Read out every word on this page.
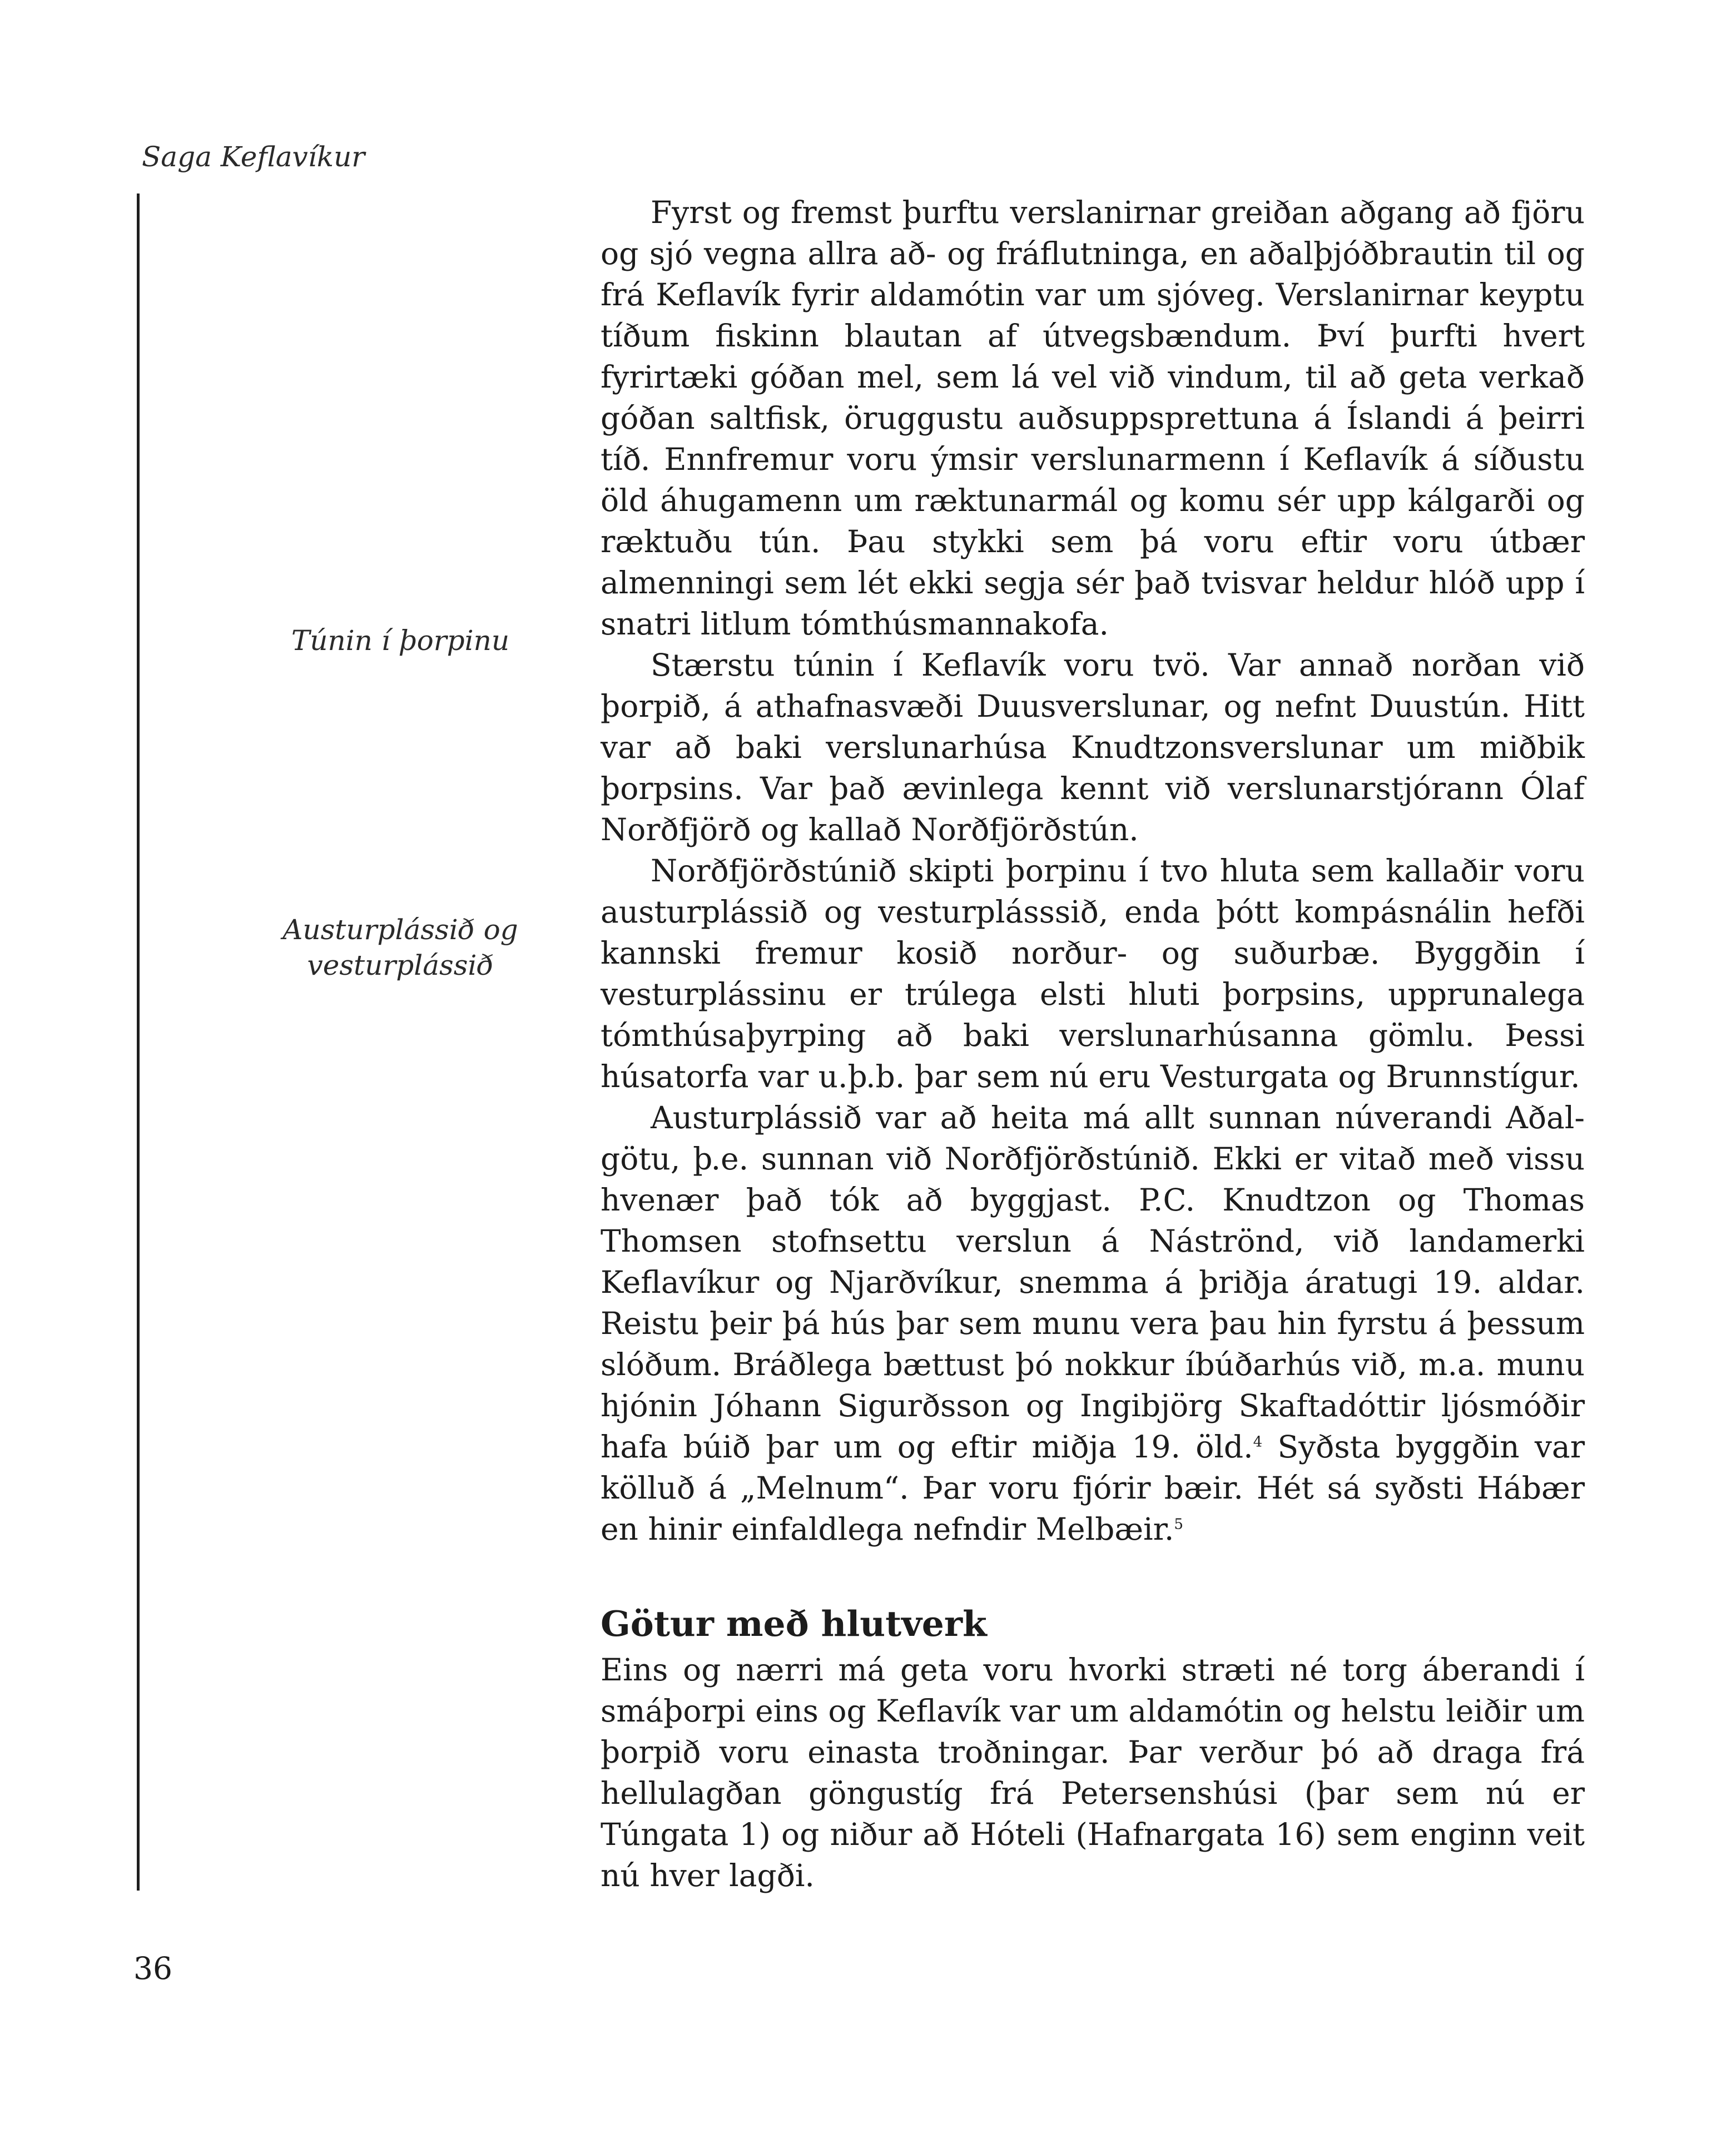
Saga Keflavíkur
Túnin í þorpinu
Austurplássið og vesturplássið

Fyrst og fremst þurftu verslanirnar greiðan aðgang að fjöru og sjó vegna allra að- og fráflutninga, en aðalþjóðbrautin til og frá Keflavík fyrir aldamótin var um sjóveg. Verslanirnar keyptu tíðum fiskinn blautan af útvegsbændum. Því þurfti hvert fyrirtæki góðan mel, sem lá vel við vindum, til að geta verkað góðan saltfisk, öruggustu auðsuppsprettuna á Íslandi á þeirri tíð. Ennfremur voru ýmsir verslunarmenn í Keflavík á síðustu öld áhugamenn um ræktunarmál og komu sér upp kálgarði og ræktuðu tún. Þau stykki sem þá voru eftir voru útbær almenningi sem lét ekki segja sér það tvisvar heldur hlóð upp í snatri litlum tómthúsmannakofa.

Stærstu túnin í Keflavík voru tvö. Var annað norðan við þorpið, á athafnasvæði Duusverslunar, og nefnt Duustún. Hitt var að baki verslunarhúsa Knudtzonsverslunar um miðbik þorpsins. Var það ævinlega kennt við verslunarstjórann Ólaf Norðfjörð og kallað Norðfjörðstún.

Norðfjörðstúnið skipti þorpinu í tvo hluta sem kallaðir voru austurplássið og vesturplásssið, enda þótt kompásnálin hefði kannski fremur kosið norður- og suðurbæ. Byggðin í vesturplássinu er trúlega elsti hluti þorpsins, upprunalega tómthúsaþyrping að baki verslunarhúsanna gömlu. Þessi húsatorfa var u.þ.b. þar sem nú eru Vesturgata og Brunnstígur.

Austurplássið var að heita má allt sunnan núverandi Aðalgötu, þ.e. sunnan við Norðfjörðstúnið. Ekki er vitað með vissu hvenær það tók að byggjast. P.C. Knudtzon og Thomas Thomsen stofnsettu verslun á Náströnd, við landamerki Keflavíkur og Njarðvíkur, snemma á þriðja áratugi 19. aldar. Reistu þeir þá hús þar sem munu vera þau hin fyrstu á þessum slóðum. Bráðlega bættust þó nokkur íbúðarhús við, m.a. munu hjónin Jóhann Sigurðsson og Ingibjörg Skaftadóttir ljósmóðir hafa búið þar um og eftir miðja 19. öld.$^4$ Syðsta byggðin var kölluð á „Melnum“. Þar voru fjórir bæir. Hét sá syðsti Hábær en hinir einfaldlega nefndir Melbæir.$^5$

Götur með hlutverk

Eins og nærri má geta voru hvorki stræti né torg áberandi í smáþorpi eins og Keflavík var um aldamótin og helstu leiðir um þorpið voru einasta troðningar. Þar verður þó að draga frá hellulagðan göngustíg frá Petersenshúsi (þar sem nú er Túngata 1) og niður að Hóteli (Hafnargata 16) sem enginn veit nú hver lagði.

36
